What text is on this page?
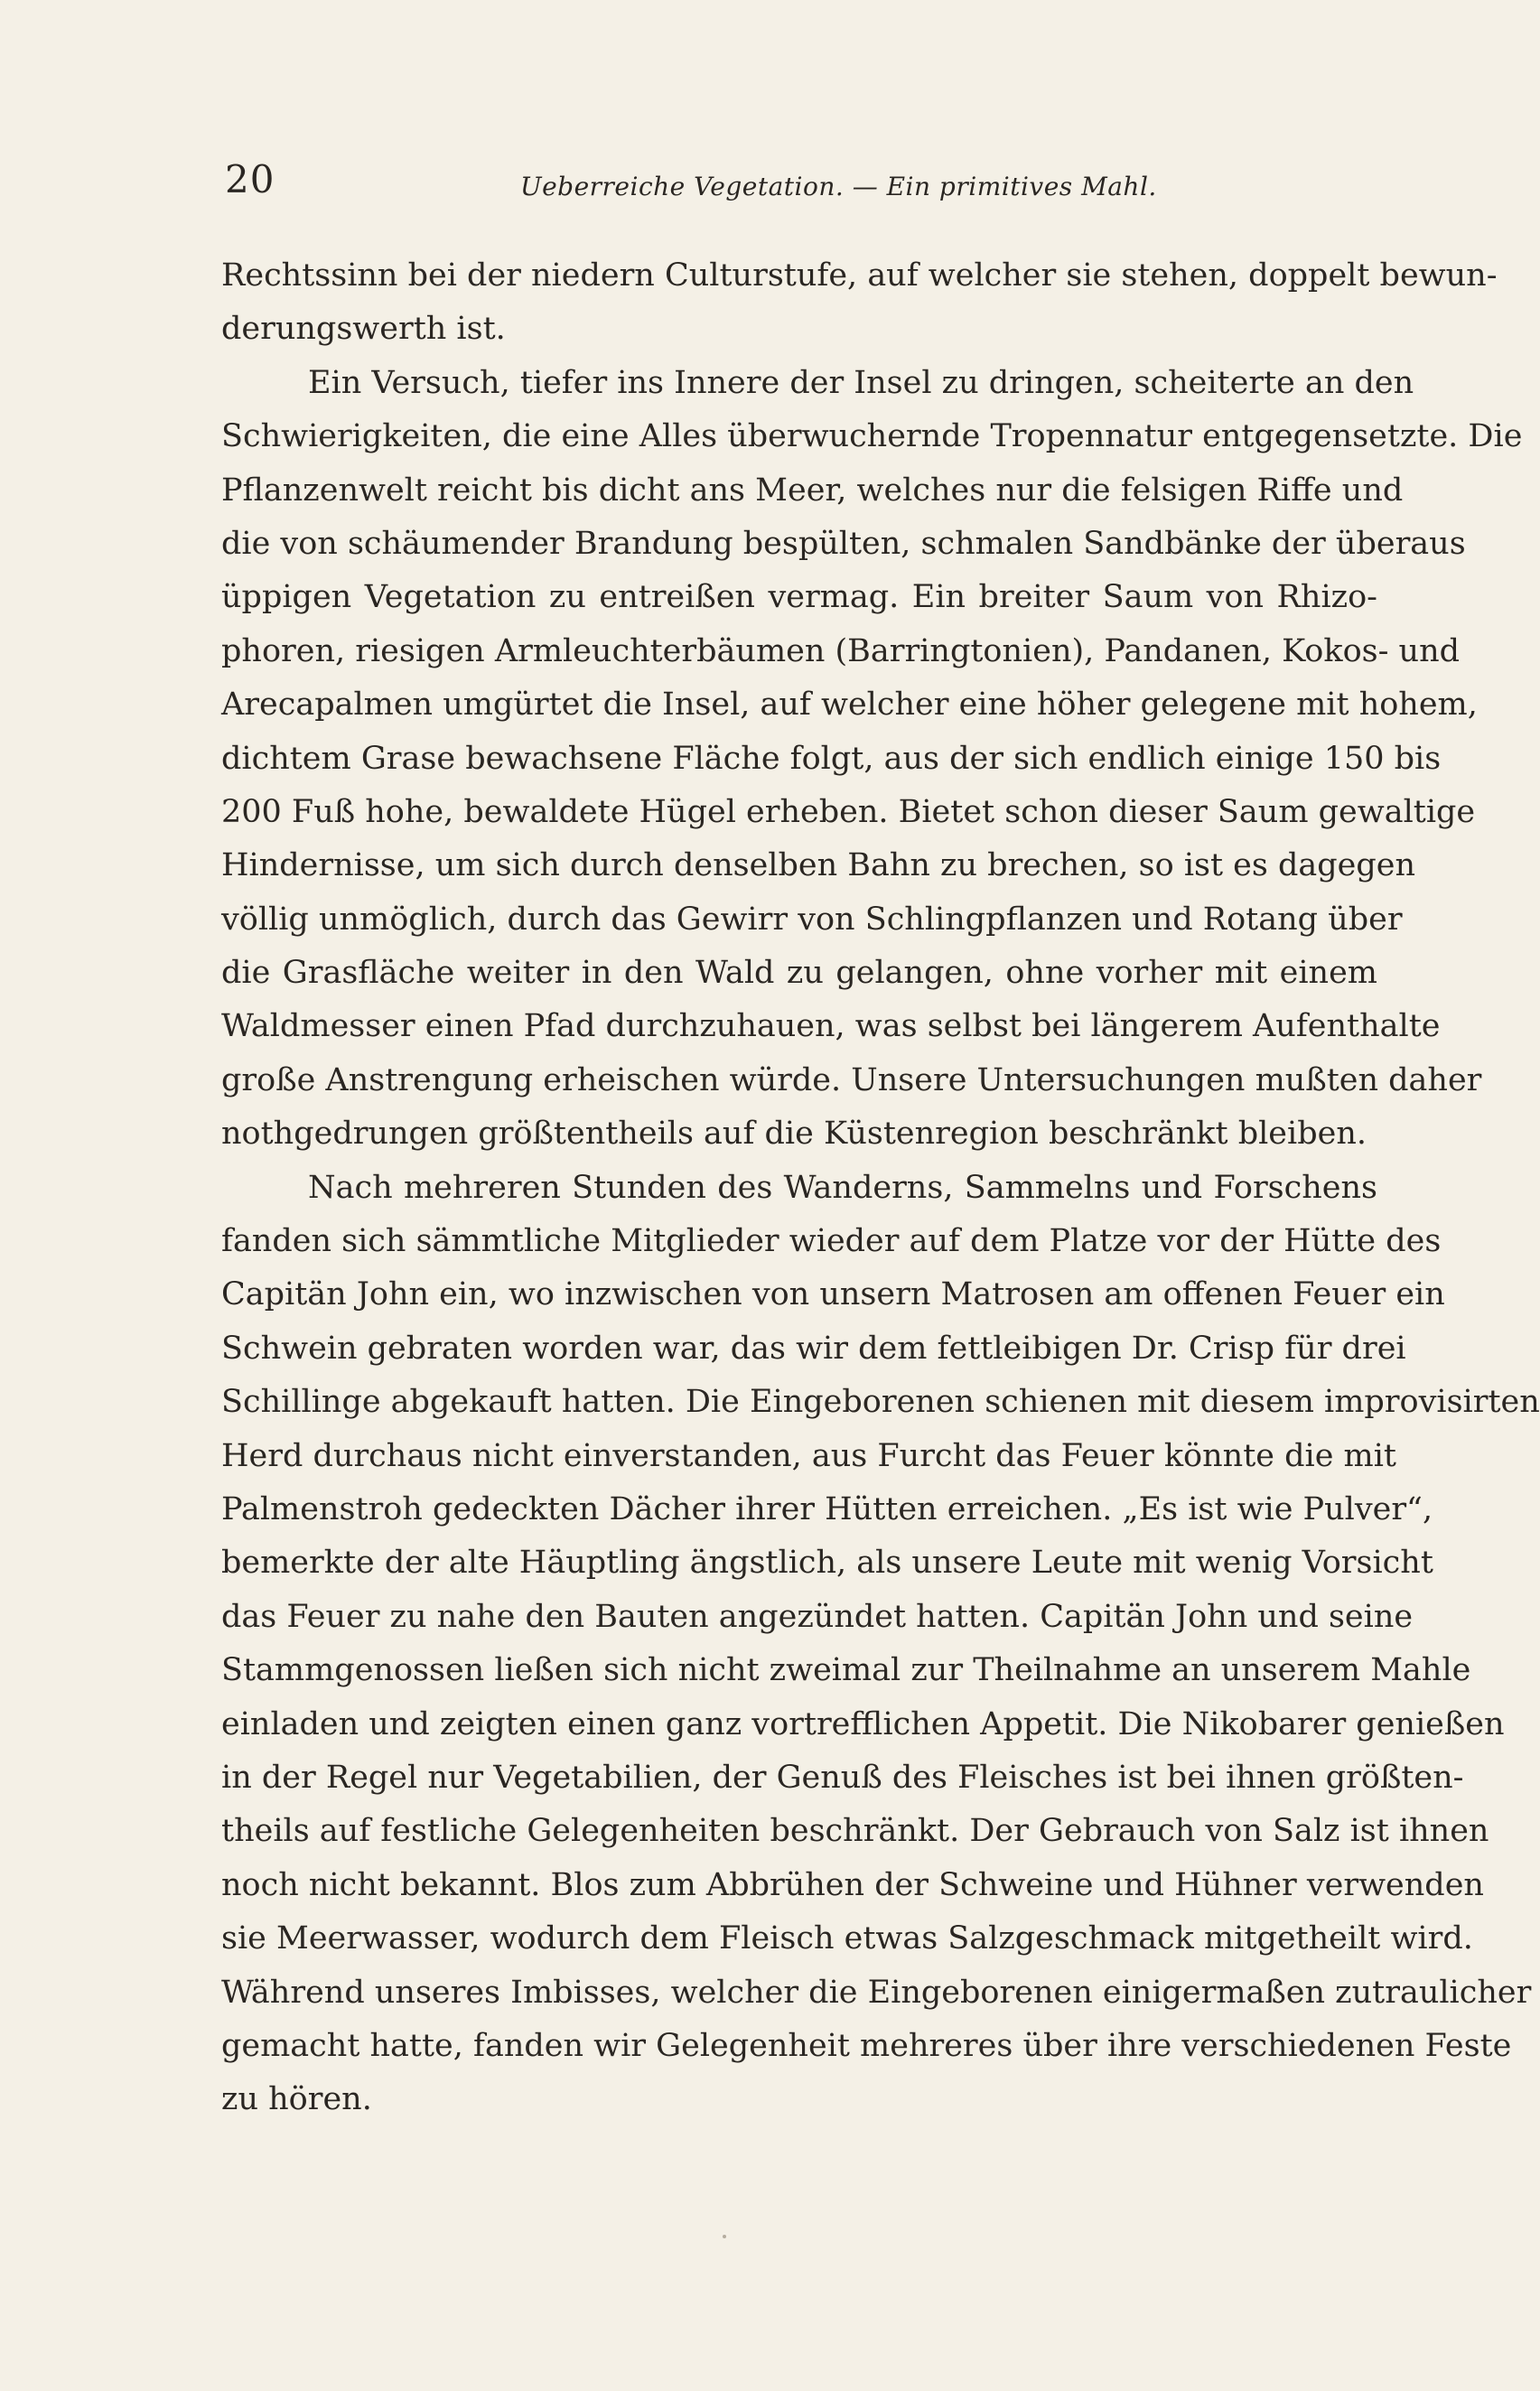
20	Ueberreiche Vegetation. — Ein primitives Mahl.
Rechtssinn bei der niedern Culturstufe, auf welcher sie stehen, doppelt bewun-
derungswerth ist.
Ein Versuch, tiefer ins Innere der Insel zu dringen, scheiterte an den
Schwierigkeiten, die eine Alles überwuchernde Tropennatur entgegensetzte. Die
Pflanzenwelt reicht bis dicht ans Meer, welches nur die felsigen Riffe und
die von schäumender Brandung bespülten, schmalen Sandbänke der überaus
üppigen Vegetation zu entreißen vermag. Ein breiter Saum von Rhizo-
phoren, riesigen Armleuchterbäumen (Barringtonien), Pandanen, Kokos- und
Arecapalmen umgürtet die Insel, auf welcher eine höher gelegene mit hohem,
dichtem Grase bewachsene Fläche folgt, aus der sich endlich einige 150 bis
200 Fuß hohe, bewaldete Hügel erheben. Bietet schon dieser Saum gewaltige
Hindernisse, um sich durch denselben Bahn zu brechen, so ist es dagegen
völlig unmöglich, durch das Gewirr von Schlingpflanzen und Rotang über
die Grasfläche weiter in den Wald zu gelangen, ohne vorher mit einem
Waldmesser einen Pfad durchzuhauen, was selbst bei längerem Aufenthalte
große Anstrengung erheischen würde. Unsere Untersuchungen mußten daher
nothgedrungen größtentheils auf die Küstenregion beschränkt bleiben.
Nach mehreren Stunden des Wanderns, Sammelns und Forschens
fanden sich sämmtliche Mitglieder wieder auf dem Platze vor der Hütte des
Capitän John ein, wo inzwischen von unsern Matrosen am offenen Feuer ein
Schwein gebraten worden war, das wir dem fettleibigen Dr. Crisp für drei
Schillinge abgekauft hatten. Die Eingeborenen schienen mit diesem improvisirten
Herd durchaus nicht einverstanden, aus Furcht das Feuer könnte die mit
Palmenstroh gedeckten Dächer ihrer Hütten erreichen. „Es ist wie Pulver“,
bemerkte der alte Häuptling ängstlich, als unsere Leute mit wenig Vorsicht
das Feuer zu nahe den Bauten angezündet hatten. Capitän John und seine
Stammgenossen ließen sich nicht zweimal zur Theilnahme an unserem Mahle
einladen und zeigten einen ganz vortrefflichen Appetit. Die Nikobarer genießen
in der Regel nur Vegetabilien, der Genuß des Fleisches ist bei ihnen größten-
theils auf festliche Gelegenheiten beschränkt. Der Gebrauch von Salz ist ihnen
noch nicht bekannt. Blos zum Abbrühen der Schweine und Hühner verwenden
sie Meerwasser, wodurch dem Fleisch etwas Salzgeschmack mitgetheilt wird.
Während unseres Imbisses, welcher die Eingeborenen einigermaßen zutraulicher
gemacht hatte, fanden wir Gelegenheit mehreres über ihre verschiedenen Feste
zu hören.
